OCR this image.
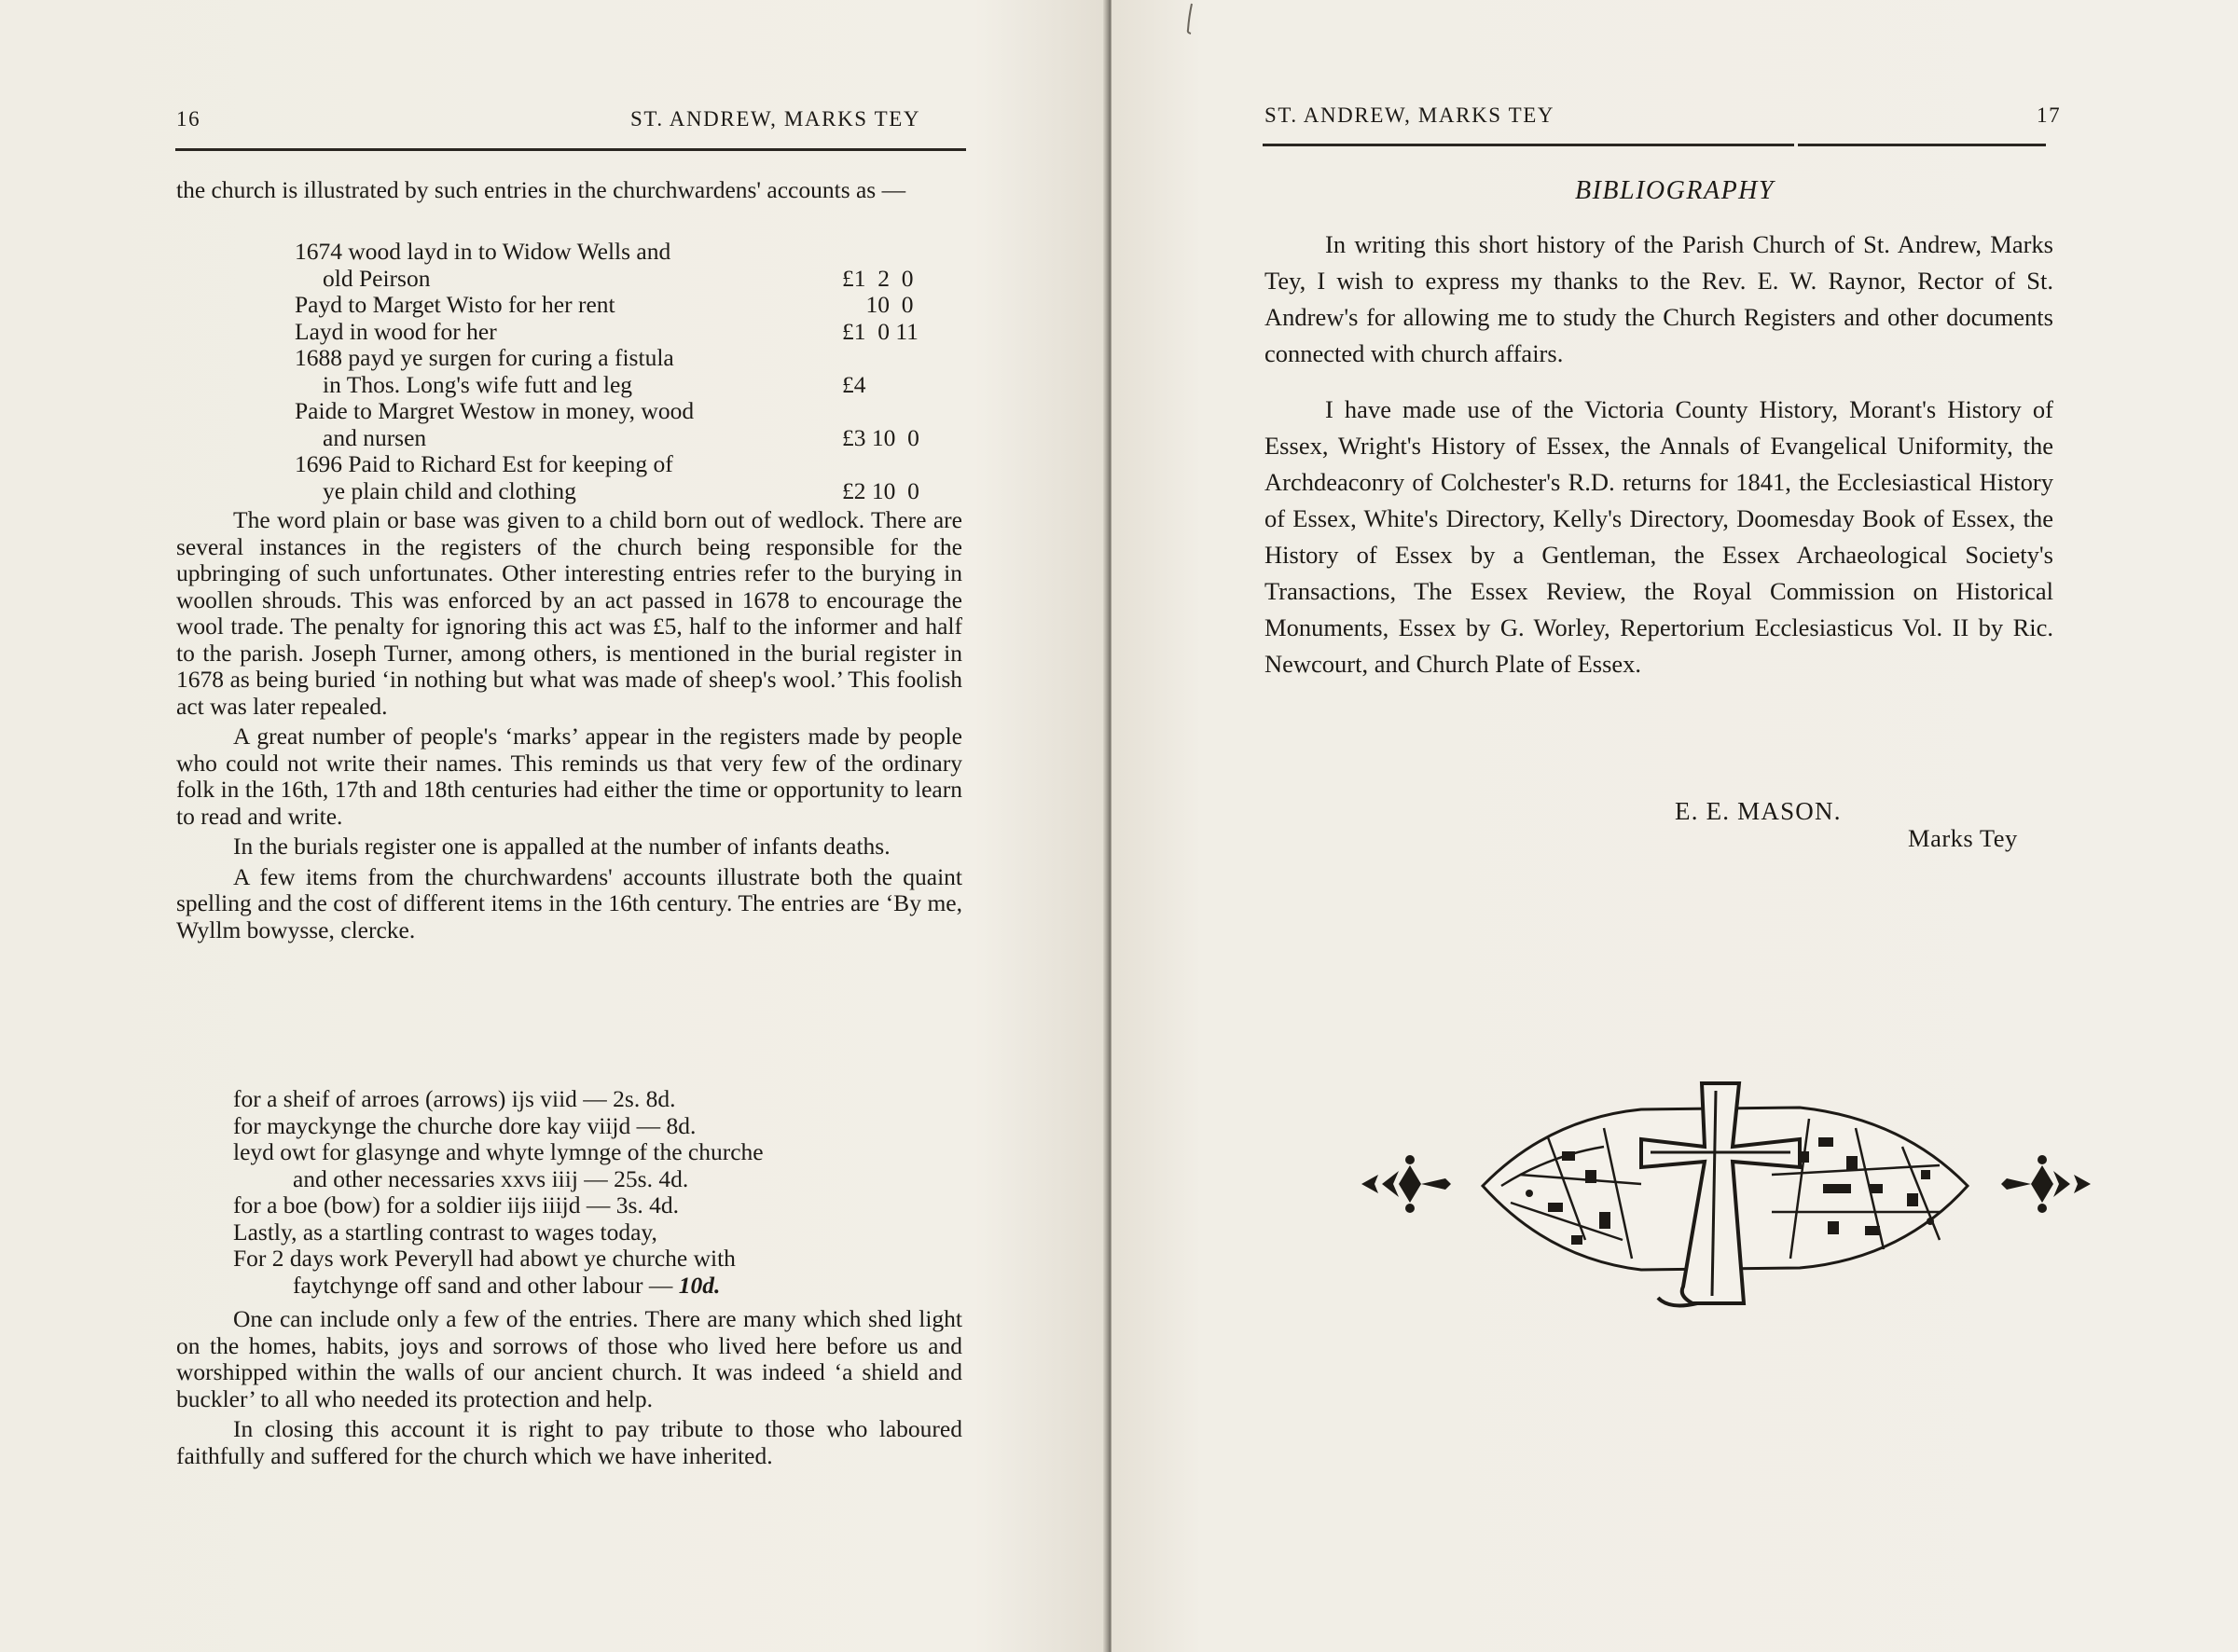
16	ST. ANDREW, MARKS TEY

the church is illustrated by such entries in the churchwardens' accounts as —

1674 wood layd in to Widow Wells and
old Peirson	£1  2  0
Payd to Marget Wisto for her rent	10  0
Layd in wood for her	£1  0 11
1688 payd ye surgen for curing a fistula
in Thos. Long's wife futt and leg	£4
Paide to Margret Westow in money, wood
and nursen	£3 10  0
1696 Paid to Richard Est for keeping of
ye plain child and clothing	£2 10  0

The word plain or base was given to a child born out of wedlock. There are several instances in the registers of the church being responsible for the upbringing of such unfortunates. Other interesting entries refer to the burying in woollen shrouds. This was enforced by an act passed in 1678 to encourage the wool trade. The penalty for ignoring this act was £5, half to the informer and half to the parish. Joseph Turner, among others, is mentioned in the burial register in 1678 as being buried ‘in nothing but what was made of sheep's wool.’ This foolish act was later repealed.

A great number of people's ‘marks’ appear in the registers made by people who could not write their names. This reminds us that very few of the ordinary folk in the 16th, 17th and 18th centuries had either the time or opportunity to learn to read and write.

In the burials register one is appalled at the number of infants deaths.

A few items from the churchwardens' accounts illustrate both the quaint spelling and the cost of different items in the 16th century. The entries are ‘By me, Wyllm bowysse, clercke.

for a sheif of arroes (arrows) ijs viid — 2s. 8d.
for mayckynge the churche dore kay viijd — 8d.
leyd owt for glasynge and whyte lymnge of the churche
and other necessaries xxvs iiij — 25s. 4d.
for a boe (bow) for a soldier iijs iiijd — 3s. 4d.
Lastly, as a startling contrast to wages today,
For 2 days work Peveryll had abowt ye churche with
faytchynge off sand and other labour — 10d.

One can include only a few of the entries. There are many which shed light on the homes, habits, joys and sorrows of those who lived here before us and worshipped within the walls of our ancient church. It was indeed ‘a shield and buckler’ to all who needed its protection and help.

In closing this account it is right to pay tribute to those who laboured faithfully and suffered for the church which we have inherited.

ST. ANDREW, MARKS TEY	17
BIBLIOGRAPHY

In writing this short history of the Parish Church of St. Andrew, Marks Tey, I wish to express my thanks to the Rev. E. W. Raynor, Rector of St. Andrew's for allowing me to study the Church Registers and other documents connected with church affairs.

I have made use of the Victoria County History, Morant's History of Essex, Wright's History of Essex, the Annals of Evangelical Uniformity, the Archdeaconry of Colchester's R.D. returns for 1841, the Ecclesiastical History of Essex, White's Directory, Kelly's Directory, Doomesday Book of Essex, the History of Essex by a Gentleman, the Essex Archaeological Society's Transactions, The Essex Review, the Royal Commission on Historical Monuments, Essex by G. Worley, Repertorium Ecclesiasticus Vol. II by Ric. Newcourt, and Church Plate of Essex.

E. E. MASON.
Marks Tey
